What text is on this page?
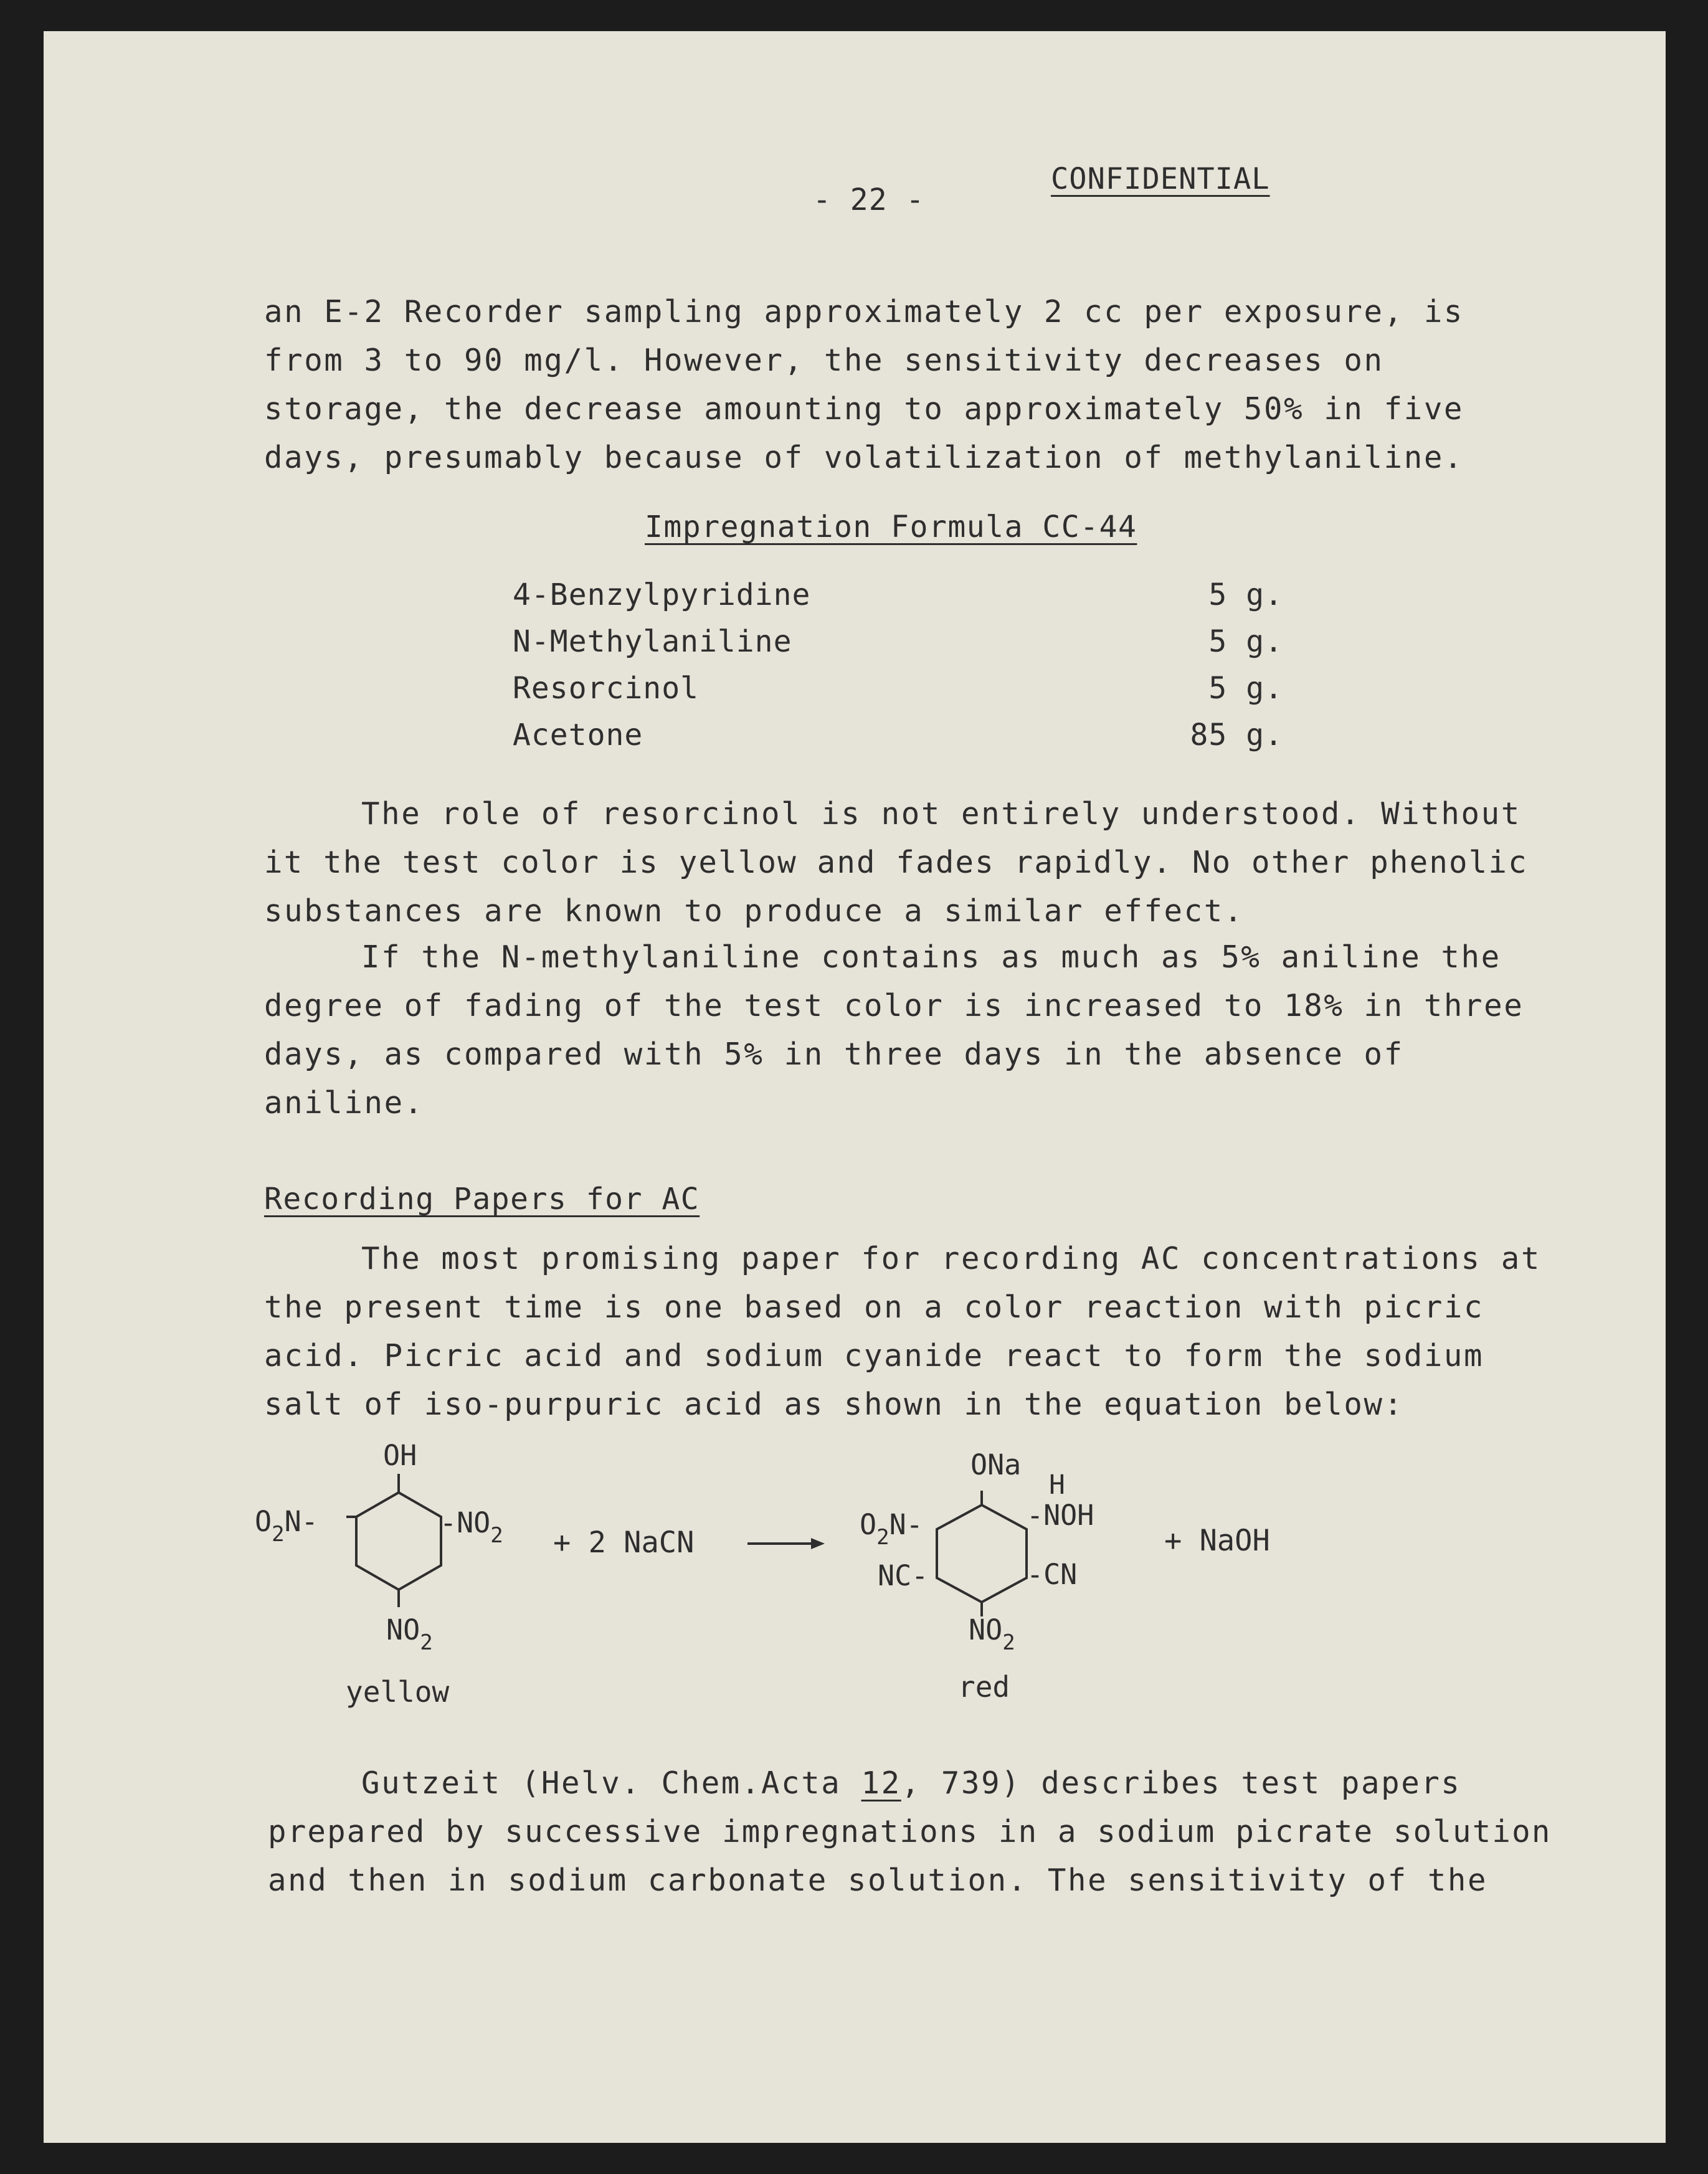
- 22 -
CONFIDENTIAL
an E-2 Recorder sampling approximately 2 cc per exposure, is
from 3 to 90 mg/l. However, the sensitivity decreases on
storage, the decrease amounting to approximately 50% in five
days, presumably because of volatilization of methylaniline.
Impregnation Formula CC-44
4-Benzylpyridine	5 g.
N-Methylaniline	5 g.
Resorcinol	5 g.
Acetone	85 g.
The role of resorcinol is not entirely understood. Without
it the test color is yellow and fades rapidly. No other phenolic
substances are known to produce a similar effect.
If the N-methylaniline contains as much as 5% aniline the
degree of fading of the test color is increased to 18% in three
days, as compared with 5% in three days in the absence of
aniline.
Recording Papers for AC
The most promising paper for recording AC concentrations at
the present time is one based on a color reaction with picric
acid. Picric acid and sodium cyanide react to form the sodium
salt of iso-purpuric acid as shown in the equation below:
OH
$O_2N-$	$-NO_2$
$NO_2$
yellow
+ 2 NaCN
ONa
H
$O_2N-$	-NOH
NC-	-CN
$NO_2$
red
+ NaOH
Gutzeit (Helv. Chem.Acta 12, 739) describes test papers
prepared by successive impregnations in a sodium picrate solution
and then in sodium carbonate solution. The sensitivity of the
